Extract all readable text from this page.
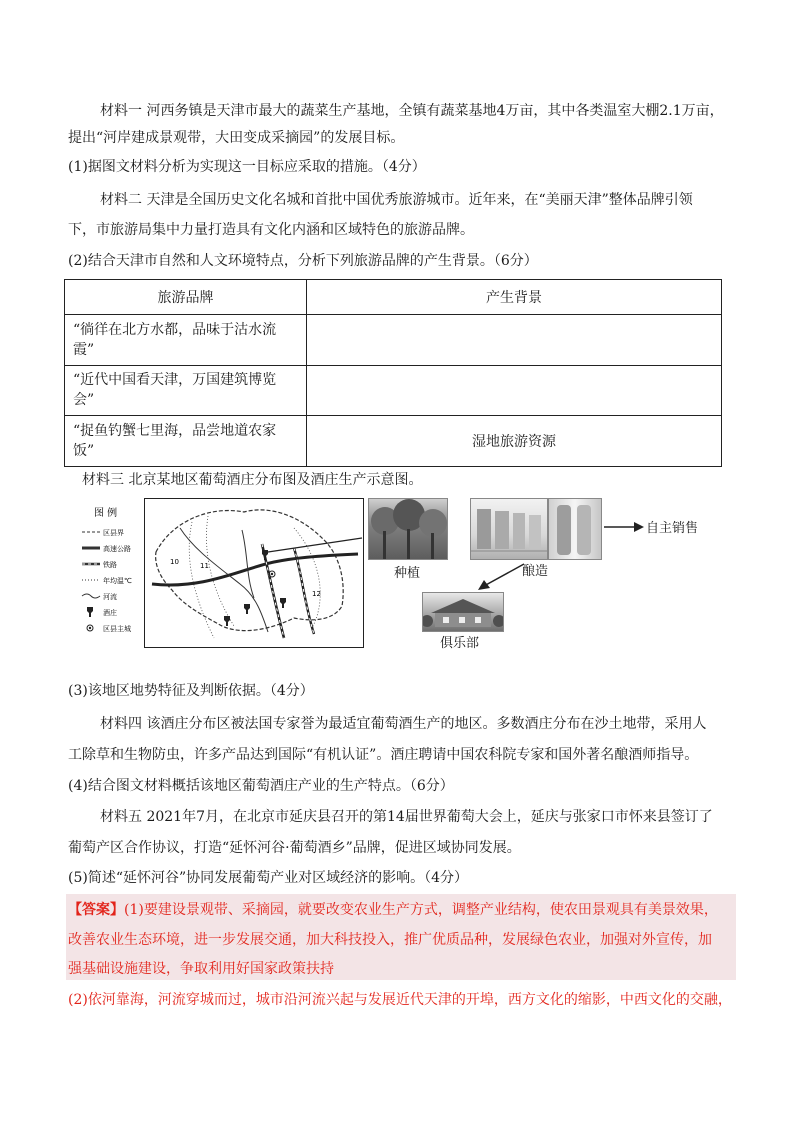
材料一 河西务镇是天津市最大的蔬菜生产基地，全镇有蔬菜基地4万亩，其中各类温室大棚2.1万亩，
提出“河岸建成景观带，大田变成采摘园”的发展目标。
(1)据图文材料分析为实现这一目标应采取的措施。（4分）
材料二 天津是全国历史文化名城和首批中国优秀旅游城市。近年来，在“美丽天津”整体品牌引领
下，市旅游局集中力量打造具有文化内涵和区域特色的旅游品牌。
(2)结合天津市自然和人文环境特点，分析下列旅游品牌的产生背景。（6分）
旅游品牌	产生背景

“徜徉在北方水都，品味于沽水流
霞”	

“近代中国看天津，万国建筑博览
会”	

“捉鱼钓蟹七里海，品尝地道农家
饭”	湿地旅游资源
材料三 北京某地区葡萄酒庄分布图及酒庄生产示意图。
图 例
区县界
高速公路
铁路
年均温℃
河流
酒庄
区县主城
10	11
12
种植	酿造
自主销售
俱乐部
(3)该地区地势特征及判断依据。（4分）
材料四 该酒庄分布区被法国专家誉为最适宜葡萄酒生产的地区。多数酒庄分布在沙土地带，采用人
工除草和生物防虫，许多产品达到国际“有机认证”。酒庄聘请中国农科院专家和国外著名酿酒师指导。
(4)结合图文材料概括该地区葡萄酒庄产业的生产特点。（6分）
材料五 2021年7月，在北京市延庆县召开的第14届世界葡萄大会上，延庆与张家口市怀来县签订了
葡萄产区合作协议，打造“延怀河谷·葡萄酒乡”品牌，促进区域协同发展。
(5)简述“延怀河谷”协同发展葡萄产业对区域经济的影响。（4分）
【答案】(1)要建设景观带、采摘园，就要改变农业生产方式，调整产业结构，使农田景观具有美景效果，
改善农业生态环境，进一步发展交通，加大科技投入，推广优质品种，发展绿色农业，加强对外宣传，加
强基础设施建设，争取利用好国家政策扶持
(2)依河靠海，河流穿城而过，城市沿河流兴起与发展近代天津的开埠，西方文化的缩影，中西文化的交融，
